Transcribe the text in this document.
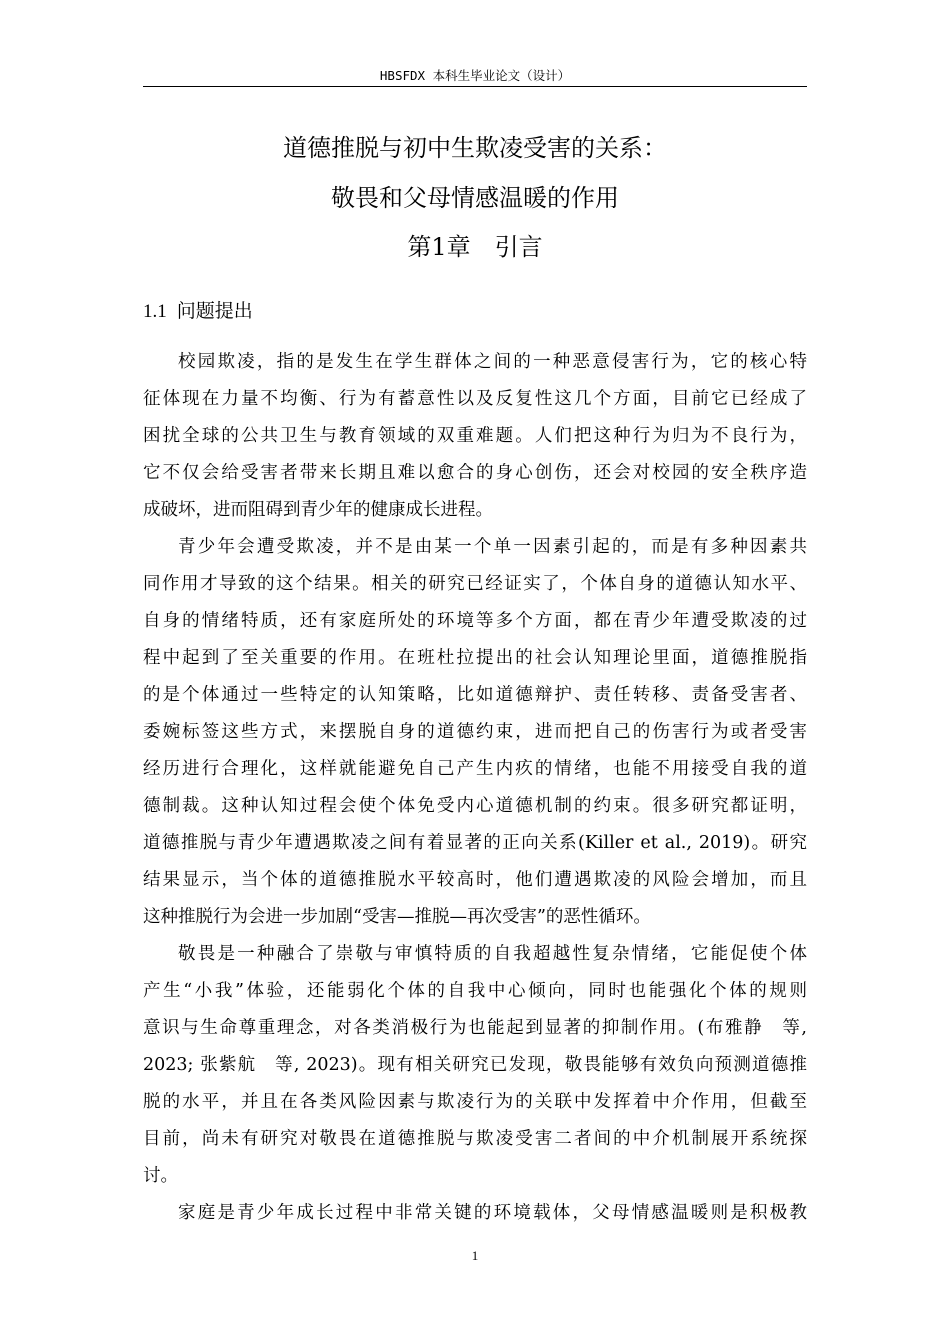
HBSFDX 本科生毕业论文（设计）
道德推脱与初中生欺凌受害的关系：
敬畏和父母情感温暖的作用
第1章　引言
1.1 问题提出
校园欺凌，指的是发生在学生群体之间的一种恶意侵害行为，它的核心特
征体现在力量不均衡、行为有蓄意性以及反复性这几个方面，目前它已经成了
困扰全球的公共卫生与教育领域的双重难题。人们把这种行为归为不良行为，
它不仅会给受害者带来长期且难以愈合的身心创伤，还会对校园的安全秩序造
成破坏，进而阻碍到青少年的健康成长进程。
青少年会遭受欺凌，并不是由某一个单一因素引起的，而是有多种因素共
同作用才导致的这个结果。相关的研究已经证实了，个体自身的道德认知水平、
自身的情绪特质，还有家庭所处的环境等多个方面，都在青少年遭受欺凌的过
程中起到了至关重要的作用。在班杜拉提出的社会认知理论里面，道德推脱指
的是个体通过一些特定的认知策略，比如道德辩护、责任转移、责备受害者、
委婉标签这些方式，来摆脱自身的道德约束，进而把自己的伤害行为或者受害
经历进行合理化，这样就能避免自己产生内疚的情绪，也能不用接受自我的道
德制裁。这种认知过程会使个体免受内心道德机制的约束。很多研究都证明，
道德推脱与青少年遭遇欺凌之间有着显著的正向关系(Killer et al., 2019)。研究
结果显示，当个体的道德推脱水平较高时，他们遭遇欺凌的风险会增加，而且
这种推脱行为会进一步加剧“受害—推脱—再次受害”的恶性循环。
敬畏是一种融合了崇敬与审慎特质的自我超越性复杂情绪，它能促使个体
产生“小我”体验，还能弱化个体的自我中心倾向，同时也能强化个体的规则
意识与生命尊重理念，对各类消极行为也能起到显著的抑制作用。(布雅静　等,
2023; 张紫航　等, 2023)。现有相关研究已发现，敬畏能够有效负向预测道德推
脱的水平，并且在各类风险因素与欺凌行为的关联中发挥着中介作用，但截至
目前，尚未有研究对敬畏在道德推脱与欺凌受害二者间的中介机制展开系统探
讨。
家庭是青少年成长过程中非常关键的环境载体，父母情感温暖则是积极教
1
